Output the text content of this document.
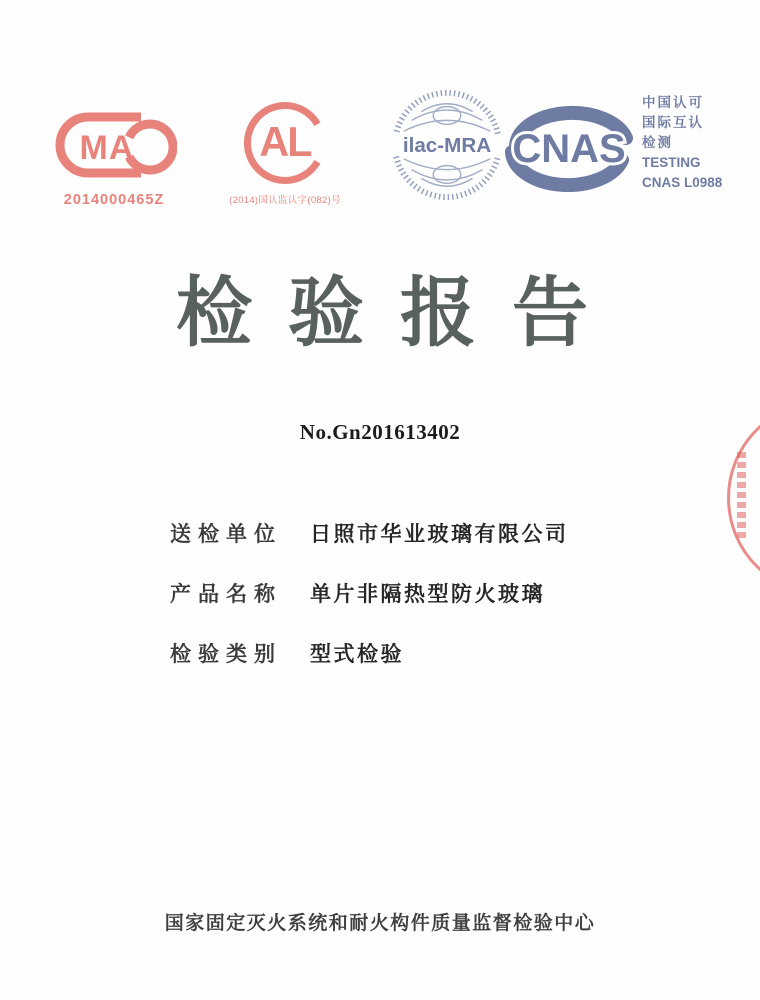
MA
2014000465Z
AL
(2014)国认监认字(082)号
ilac-MRA CNAS
中国认可
国际互认
检测
TESTING
CNAS L0988
检验报告
No.Gn201613402
送检单位	日照市华业玻璃有限公司
产品名称	单片非隔热型防火玻璃
检验类别	型式检验
国家固定灭火系统和耐火构件质量监督检验中心
